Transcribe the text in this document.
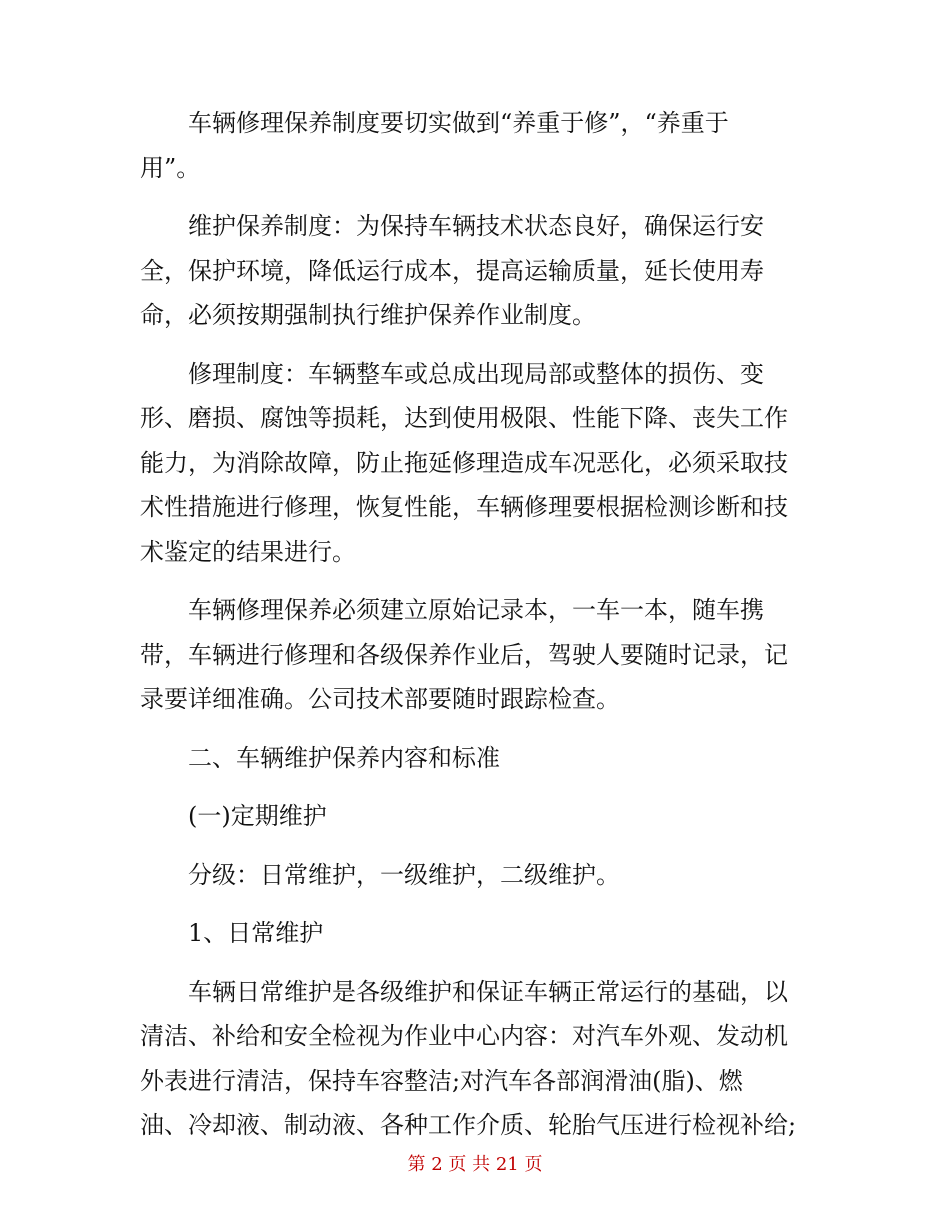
车辆修理保养制度要切实做到“养重于修”，“养重于
用”。
维护保养制度：为保持车辆技术状态良好，确保运行安
全，保护环境，降低运行成本，提高运输质量，延长使用寿
命，必须按期强制执行维护保养作业制度。
修理制度：车辆整车或总成出现局部或整体的损伤、变
形、磨损、腐蚀等损耗，达到使用极限、性能下降、丧失工作
能力，为消除故障，防止拖延修理造成车况恶化，必须采取技
术性措施进行修理，恢复性能，车辆修理要根据检测诊断和技
术鉴定的结果进行。
车辆修理保养必须建立原始记录本，一车一本，随车携
带，车辆进行修理和各级保养作业后，驾驶人要随时记录，记
录要详细准确。公司技术部要随时跟踪检查。
二、车辆维护保养内容和标准
(一)定期维护
分级：日常维护，一级维护，二级维护。
1、日常维护
车辆日常维护是各级维护和保证车辆正常运行的基础，以
清洁、补给和安全检视为作业中心内容：对汽车外观、发动机
外表进行清洁，保持车容整洁;对汽车各部润滑油(脂)、燃
油、冷却液、制动液、各种工作介质、轮胎气压进行检视补给;
第 2 页 共 21 页
